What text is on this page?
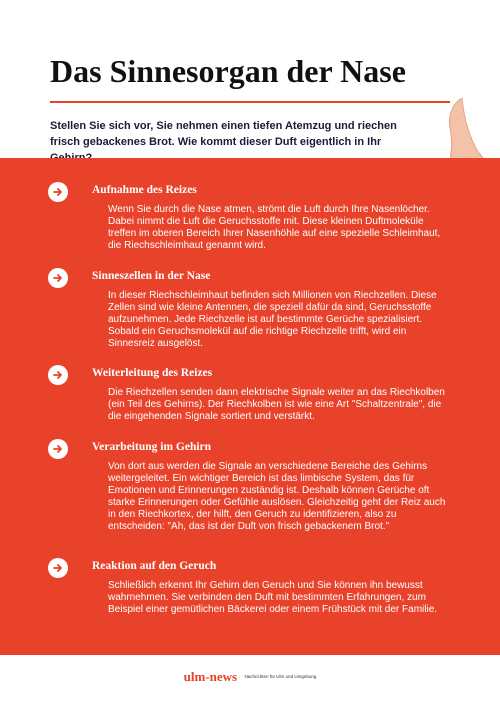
Das Sinnesorgan der Nase

Stellen Sie sich vor, Sie nehmen einen tiefen Atemzug und riechen frisch gebackenes Brot. Wie kommt dieser Duft eigentlich in Ihr

Aufnahme des Reizes

Wenn Sie durch die Nase atmen, strömt die Luft durch Ihre Nasenlöcher. Dabei nimmt die Luft die Geruchsstoffe mit. Diese kleinen Duftmoleküle treffen im oberen Bereich Ihrer Nasenhöhle auf eine spezielle Schleimhaut, die Riechschleimhaut genannt wird.

Sinneszellen in der Nase

In dieser Riechschleimhaut befinden sich Millionen von Riechzellen. Diese Zellen sind wie kleine Antennen, die speziell dafür da sind, Geruchsstoffe aufzunehmen. Jede Riechzelle ist auf bestimmte Gerüche spezialisiert. Sobald ein Geruchsmolekül auf die richtige Riechzelle trifft, wird ein Sinnesreiz ausgelöst.

Weiterleitung des Reizes

Die Riechzellen senden dann elektrische Signale weiter an das Riechkolben (ein Teil des Gehirns). Der Riechkolben ist wie eine Art "Schaltzentrale", die die eingehenden Signale sortiert und verstärkt.

Verarbeitung im Gehirn

Von dort aus werden die Signale an verschiedene Bereiche des Gehirns weitergeleitet. Ein wichtiger Bereich ist das limbische System, das für Emotionen und Erinnerungen zuständig ist. Deshalb können Gerüche oft starke Erinnerungen oder Gefühle auslösen. Gleichzeitig geht der Reiz auch in den Riechkortex, der hilft, den Geruch zu identifizieren, also zu entscheiden: "Ah, das ist der Duft von frisch gebackenem Brot."

Reaktion auf den Geruch

Schließlich erkennt Ihr Gehirn den Geruch und Sie können ihn bewusst wahrnehmen. Sie verbinden den Duft mit bestimmten Erfahrungen, zum Beispiel einer gemütlichen Bäckerei oder einem Frühstück mit der Familie.

ulm-news Nachrichten für Ulm und Umgebung
